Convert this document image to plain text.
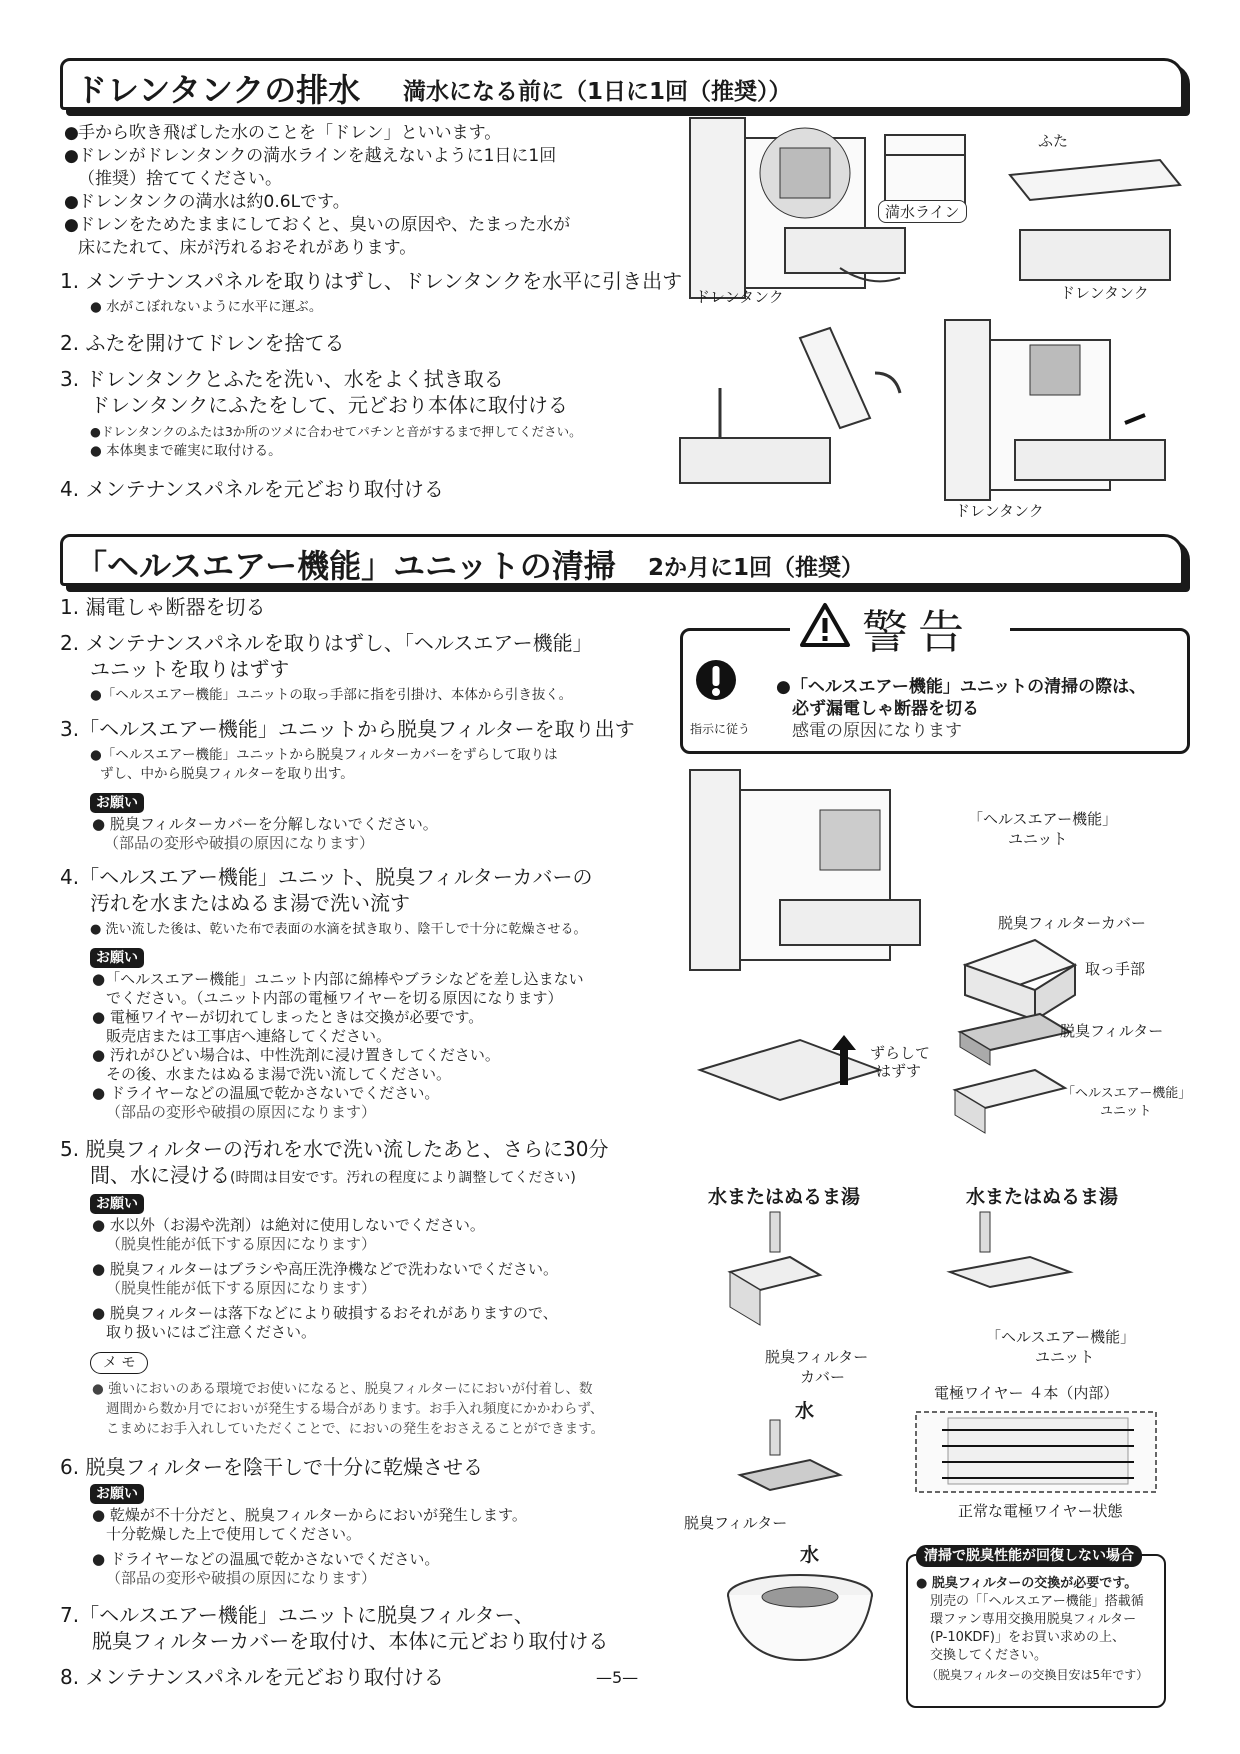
ドレンタンクの排水 満水になる前に（1日に1回（推奨））
●手から吹き飛ばした水のことを「ドレン」といいます。
●ドレンがドレンタンクの満水ラインを越えないように1日に1回
（推奨）捨ててください。
●ドレンタンクの満水は約0.6Lです。
●ドレンをためたままにしておくと、臭いの原因や、たまった水が
床にたれて、床が汚れるおそれがあります。
1. メンテナンスパネルを取りはずし、ドレンタンクを水平に引き出す
● 水がこぼれないように水平に運ぶ。
2. ふたを開けてドレンを捨てる
3. ドレンタンクとふたを洗い、水をよく拭き取る
ドレンタンクにふたをして、元どおり本体に取付ける
●ドレンタンクのふたは3か所のツメに合わせてパチンと音がするまで押してください。
● 本体奥まで確実に取付ける。
4. メンテナンスパネルを元どおり取付ける
ふた
満水ライン
ドレンタンク	ドレンタンク
ドレンタンク
「ヘルスエアー機能」ユニットの清掃 2か月に1回（推奨）
1. 漏電しゃ断器を切る
2. メンテナンスパネルを取りはずし、「ヘルスエアー機能」
ユニットを取りはずす
●「ヘルスエアー機能」ユニットの取っ手部に指を引掛け、本体から引き抜く。
3.「ヘルスエアー機能」ユニットから脱臭フィルターを取り出す
●「ヘルスエアー機能」ユニットから脱臭フィルターカバーをずらして取りは
ずし、中から脱臭フィルターを取り出す。
お願い
● 脱臭フィルターカバーを分解しないでください。
（部品の変形や破損の原因になります）
4.「ヘルスエアー機能」ユニット、脱臭フィルターカバーの
汚れを水またはぬるま湯で洗い流す
● 洗い流した後は、乾いた布で表面の水滴を拭き取り、陰干しで十分に乾燥させる。
お願い
●「ヘルスエアー機能」ユニット内部に綿棒やブラシなどを差し込まない
でください。（ユニット内部の電極ワイヤーを切る原因になります）
● 電極ワイヤーが切れてしまったときは交換が必要です。
販売店または工事店へ連絡してください。
● 汚れがひどい場合は、中性洗剤に浸け置きしてください。
その後、水またはぬるま湯で洗い流してください。
● ドライヤーなどの温風で乾かさないでください。
（部品の変形や破損の原因になります）
5. 脱臭フィルターの汚れを水で洗い流したあと、さらに30分
間、水に浸ける(時間は目安です。汚れの程度により調整してください)
お願い
● 水以外（お湯や洗剤）は絶対に使用しないでください。
（脱臭性能が低下する原因になります）
● 脱臭フィルターはブラシや高圧洗浄機などで洗わないでください。
（脱臭性能が低下する原因になります）
● 脱臭フィルターは落下などにより破損するおそれがありますので、
取り扱いにはご注意ください。
メ モ
● 強いにおいのある環境でお使いになると、脱臭フィルターににおいが付着し、数
週間から数か月でにおいが発生する場合があります。お手入れ頻度にかかわらず、
こまめにお手入れしていただくことで、においの発生をおさえることができます。
6. 脱臭フィルターを陰干しで十分に乾燥させる
お願い
● 乾燥が不十分だと、脱臭フィルターからにおいが発生します。
十分乾燥した上で使用してください。
● ドライヤーなどの温風で乾かさないでください。
（部品の変形や破損の原因になります）
7.「ヘルスエアー機能」ユニットに脱臭フィルター、
脱臭フィルターカバーを取付け、本体に元どおり取付ける
8. メンテナンスパネルを元どおり取付ける	—5—
警告
指示に従う
●「ヘルスエアー機能」ユニットの清掃の際は、
必ず漏電しゃ断器を切る
感電の原因になります
「ヘルスエアー機能」
ユニット
脱臭フィルターカバー
取っ手部
脱臭フィルター
「ヘルスエアー機能」
ユニット
ずらして
はずす
水またはぬるま湯	水またはぬるま湯
脱臭フィルター
カバー
「ヘルスエアー機能」
ユニット
電極ワイヤー ４本（内部）
正常な電極ワイヤー状態
水
脱臭フィルター
水	清掃で脱臭性能が回復しない場合
● 脱臭フィルターの交換が必要です。
別売の「「ヘルスエアー機能」搭載循
環ファン専用交換用脱臭フィルター
(P-10KDF)」をお買い求めの上、
交換してください。
（脱臭フィルターの交換目安は5年です）
